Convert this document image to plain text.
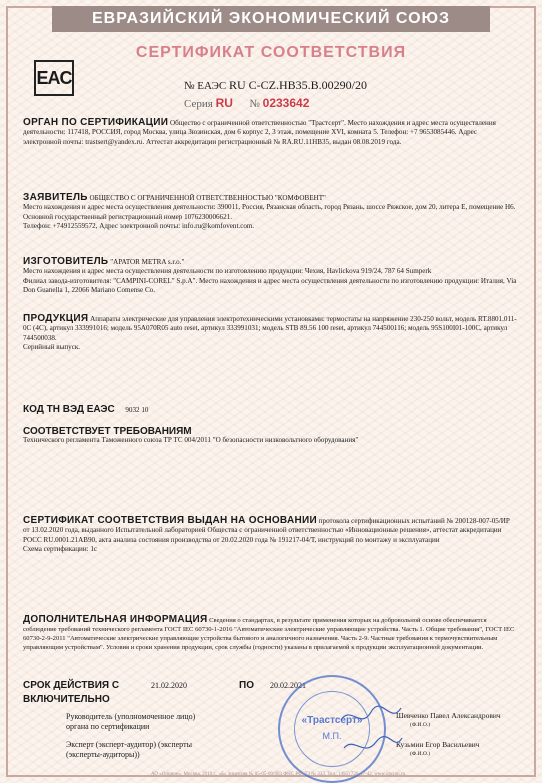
ЕВРАЗИЙСКИЙ ЭКОНОМИЧЕСКИЙ СОЮЗ
СЕРТИФИКАТ СООТВЕТСТВИЯ
EAC	№ ЕАЭС RU С-CZ.НВ35.В.00290/20
Серия RU № 0233642
ОРГАН ПО СЕРТИФИКАЦИИ Общество с ограниченной ответственностью "Трастсерт". Место нахождения и адрес места осуществления деятельности: 117418, РОССИЯ, город Москва, улица Зюзинская, дом 6 корпус 2, 3 этаж, помещение XVI, комната 5. Телефон: +7 9653085446. Адрес электронной почты: trastsert@yandex.ru. Аттестат аккредитации регистрационный № RA.RU.11НВ35, выдан 08.08.2019 года.
ЗАЯВИТЕЛЬ ОБЩЕСТВО С ОГРАНИЧЕННОЙ ОТВЕТСТВЕННОСТЬЮ "КОМФОВЕНТ"
Место нахождения и адрес места осуществления деятельности: 390011, Россия, Рязанская область, город Рязань, шоссе Ряжское, дом 20, литера Е, помещение Н6.
Основной государственный регистрационный номер 1076230006621.
Телефон: +74912559572, Адрес электронной почты: info.ru@komfovent.com.
ИЗГОТОВИТЕЛЬ "APATOR METRA s.r.o."
Место нахождения и адрес места осуществления деятельности по изготовлению продукции: Чехия, Havlickova 919/24, 787 64 Sumperk
Филиал завода-изготовителя: "CAMPINI-COREL" S.p.A". Место нахождения и адрес места осуществления деятельности по изготовлению продукции: Италия, Via Don Guanella 1, 22066 Mariano Comense Co.
ПРОДУКЦИЯ Аппараты электрические для управления электротехническими установками: термостаты на напряжение 230-250 вольт, модель RT.8801.011-0C (4C), артикул 333991016; модель 95A070R05 auto reset, артикул 333991031; модель STB 89.56 100 reset, артикул 744500116; модель 95S100I01-100C, артикул 744500038.
Серийный выпуск.
КОД ТН ВЭД ЕАЭС 9032 10
СООТВЕТСТВУЕТ ТРЕБОВАНИЯМ
Технического регламента Таможенного союза ТР ТС 004/2011 "О безопасности низковольтного оборудования"
СЕРТИФИКАТ СООТВЕТСТВИЯ ВЫДАН НА ОСНОВАНИИ протокола сертификационных испытаний № 200128-007-05/ИР от 13.02.2020 года, выданного Испытательной лабораторией Общества с ограниченной ответственностью «Инновационные решения», аттестат аккредитации РОСС RU.0001.21АВ90, акта анализа состояния производства от 20.02.2020 года № 191217-04/Т, инструкций по монтажу и эксплуатации
Схема сертификации: 1с
ДОПОЛНИТЕЛЬНАЯ ИНФОРМАЦИЯ Сведения о стандартах, в результате применения которых на добровольной основе обеспечивается соблюдение требований технического регламента ГОСТ IEC 60730-1-2016 "Автоматические электрические управляющие устройства. Часть 1. Общие требования", ГОСТ IEC 60730-2-9-2011 "Автоматические электрические управляющие устройства бытового и аналогичного назначения. Часть 2-9. Частные требования к термочувствительным управляющим устройствам". Условия и сроки хранения продукции, срок службы (годности) указаны в прилагаемой к продукции эксплуатационной документации.
СРОК ДЕЙСТВИЯ С	21.02.2020	ПО 20.02.2021
ВКЛЮЧИТЕЛЬНО
Руководитель (уполномоченное лицо) органа по сертификации
Шевченко Павел Александрович
(Ф.И.О.)
Эксперт (эксперт-аудитор) (эксперты (эксперты-аудиторы))
Кузьмин Егор Васильевич
(Ф.И.О.)
«Трастсерт»
М.П.
АО «Опцион», Москва, 2019 г., «Б» лицензия № 05-05-09/003 ФНС РФ, ТЗ № 333. Тел.: (495) 726-47-42, www.opcion.ru
